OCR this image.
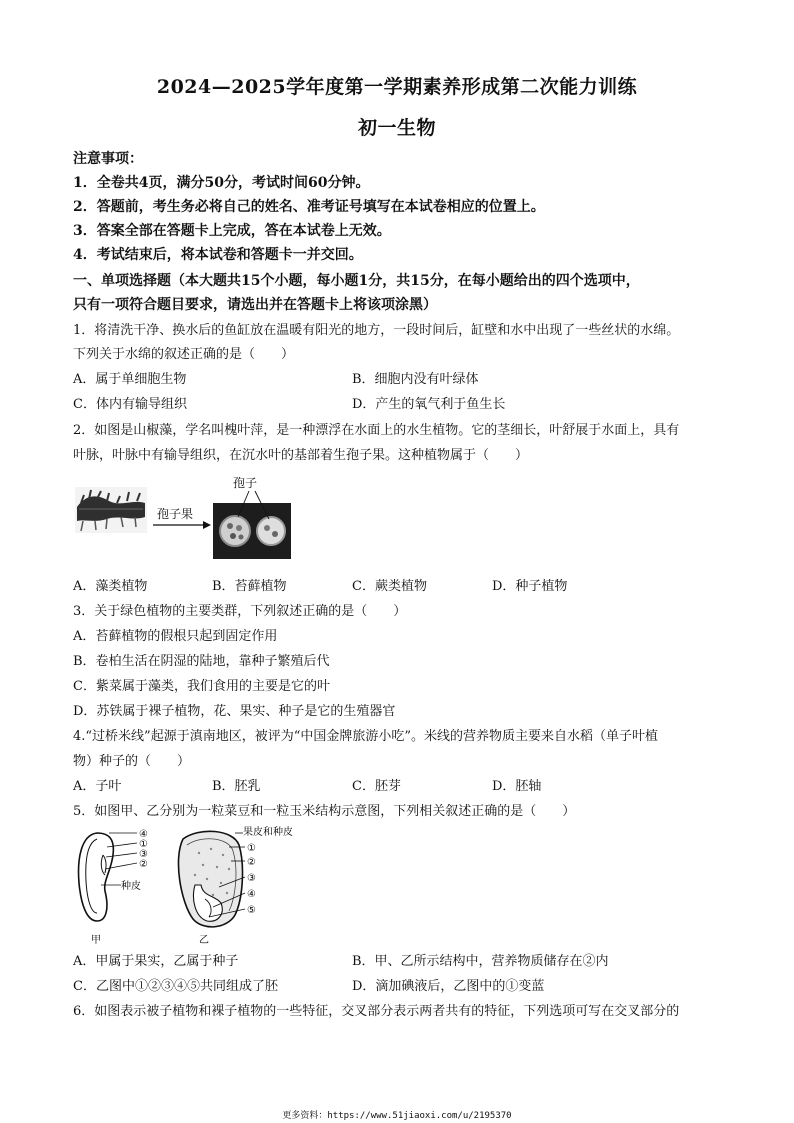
2024—2025学年度第一学期素养形成第二次能力训练
初一生物
注意事项：
1．全卷共4页，满分50分，考试时间60分钟。
2．答题前，考生务必将自己的姓名、准考证号填写在本试卷相应的位置上。
3．答案全部在答题卡上完成，答在本试卷上无效。
4．考试结束后，将本试卷和答题卡一并交回。
一、单项选择题（本大题共15个小题，每小题1分，共15分，在每小题给出的四个选项中，
只有一项符合题目要求，请选出并在答题卡上将该项涂黑）
1．将清洗干净、换水后的鱼缸放在温暖有阳光的地方，一段时间后，缸壁和水中出现了一些丝状的水绵。
下列关于水绵的叙述正确的是（　　）
A．属于单细胞生物	B．细胞内没有叶绿体
C．体内有输导组织	D．产生的氧气利于鱼生长
2．如图是山椒藻，学名叫槐叶萍，是一种漂浮在水面上的水生植物。它的茎细长，叶舒展于水面上，具有
叶脉，叶脉中有输导组织，在沉水叶的基部着生孢子果。这种植物属于（　　）
孢子果
孢子
A．藻类植物	B．苔藓植物	C．蕨类植物	D．种子植物
3．关于绿色植物的主要类群，下列叙述正确的是（　　）
A．苔藓植物的假根只起到固定作用
B．卷柏生活在阴湿的陆地，靠种子繁殖后代
C．紫菜属于藻类，我们食用的主要是它的叶
D．苏铁属于裸子植物，花、果实、种子是它的生殖器官
4.“过桥米线”起源于滇南地区，被评为“中国金牌旅游小吃”。米线的营养物质主要来自水稻（单子叶植
物）种子的（　　）
A．子叶	B．胚乳	C．胚芽	D．胚轴
5．如图甲、乙分别为一粒菜豆和一粒玉米结构示意图，下列相关叙述正确的是（　　）
④
①
③
②
种皮
甲
果皮和种皮
①
②
③
④
⑤
乙
A．甲属于果实，乙属于种子	B．甲、乙所示结构中，营养物质储存在②内
C．乙图中①②③④⑤共同组成了胚	D．滴加碘液后，乙图中的①变蓝
6．如图表示被子植物和裸子植物的一些特征，交叉部分表示两者共有的特征，下列选项可写在交叉部分的
更多资料：https://www.51jiaoxi.com/u/2195370
